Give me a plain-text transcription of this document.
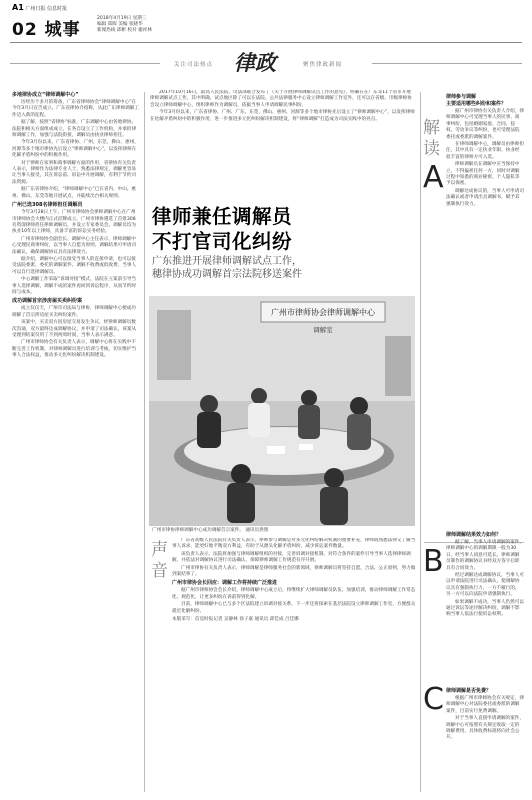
A1 广州日报 信息时报
02 城事
2018年4月19日 星期三
编辑 郑晖 美编 张晓华
新闻热线 邱彬 校对 谢祥林
关注司法热点 律政	聚焦律政新闻
多地律协成立“律师调解中心”

厉经历个多月的筹备，广东省律师协会“律师调解中心”在今年3月日宣告成立。广东省律协介绍称，从此广东律师调解工作迈入新的征程。

据了解，按照“省律协”标准，广东调解中心由各地律协、法院和相关方面组成成立，在各自设立了工作机构，并承担律师调解工作，加强与法院衔接，调解员由执业律师担任。

今年3月份以来，广东省律协、广州、东莞、佛山、惠州、河源等多个地市律协先后设立“律师调解中心”，以发挥律师在化解矛盾纠纷中的积极作用。

对于律师在家事和商事调解方面的作用，省律协有关负责人表示，律师作为法律专业人士，熟悉法律规定，调解更容易让当事人接受，其在诉讼前、诉讼中开展调解，有利于节约司法资源。

据广东省律协介绍，“律师调解中心”已在省内、中山、惠州、佛山、东莞等地开展试点，并陆续出台相关规则。

广州已选308名律师担任调解员

今年3月28日上午，广州市律师协会律师调解中心在广州市律师协会大楼内正式挂牌成立。广州市律协遴选了首批308名资深律师担任律师调解员，并设立专家委员会。调解员均为执业10年以上律师，具备丰富的诉讼实务经验。

广州市律师协会副会长、调解中心主任表示，律师调解中心受理民商事纠纷，以当事人自愿为原则，调解结果可申请司法确认，确保调解协议具有法律效力。

据介绍，调解中心可以接受当事人的直接申请，也可以接受法院委派、委托的调解案件。调解不收费或低收费，当事人可以自行选择调解员。

中心调解工作采取“诉调对接”模式，法院在立案前引导当事人选择调解，调解不成的案件再回到诉讼程序，从而节约时间与成本。

成功调解首宗涉房屋买卖纠纷案

成立仅仅天，广州市司法局与律协，律师调解中心便成功调解了首宗涉房屋买卖纠纷案件。

该案中，买卖双方因房屋交易发生争议，经律师调解员数次沟通，双方最终达成调解协议，并申请了司法确认。该案从受理到结案仅用了不到两周时间，当事人表示满意。

广州市律师协会有关负责人表示，调解中心将在实践中不断完善工作机制，对律师调解员进行培训与考核，切实维护当事人合法权益，推动多元化纠纷解决机制建设。

2017年10月16日，最高人民法院、司法部联合发布了《关于开展律师调解试点工作的意见》，明确在在广东等11个省市开展律师调解试点工作，其中明确，试点地区除了可以在法院、公共法律服务中心设立律师调解工作室外，还可以在省级、市级律师协会设立律师调解中心，组织律师作为调解员，依据当事人申请调解民事纠纷。

今年3月份以来，广东省律协、广州、广东、东莞、佛山、惠州、河源等多个地市律协先后设立了“律师调解中心”，以发挥律师在化解矛盾纠纷中的积极作用，进一步推进多元化纠纷解决机制建设，将“律师调解”打造成为司法实践中的亮点。

律师兼任调解员
不打官司化纠纷
广东推进开展律师调解试点工作，
穗律协成功调解首宗法院移送案件
广州市律师协会律师调解中心
调解室
广州市律协律师调解中心成功调解首宗案件。 通讯员供图
解读
A
律师参与调解
主要适用哪些纠纷和案件？

据广州市律协有关负责人介绍，律师调解中心可受理当事人的民事、商事纠纷，包括婚姻家庭、合同、侵权、劳动争议等纠纷，也可受理法院委托或委派的调解案件。

在律师调解中心，调解员由律师担任，其中具有一定执业年限、执业经验丰富的律师方可入选。

律师调解员在调解中应当保持中立，不得偏袒任何一方，同时对调解过程中知悉的商业秘密、个人隐私等予以保密。

调解达成协议的，当事人可申请司法确认或者申请出具调解书，赋予其强制执行效力。

B
律师调解结果效力如何？

据了解，当事人申请调解的案件，律师调解中心的调解期限一般为30日，经当事人同意可延长。律师调解员制作的调解协议书经双方签字后即具有合同效力。

经过调解达成调解协议，当事人可以申请法院进行司法确认，使调解协议具有强制执行力，一方不履行的，另一方可以向法院申请强制执行。

如果调解不成功，当事人仍然可以通过诉讼等途径解决纠纷，调解不影响当事人依法行使诉讼权利。

C 律师调解是否免费？

根据广州市律师协会有关规定，律师调解中心对法院委托或委派的调解案件，目前实行免费调解。

对于当事人直接申请调解的案件，调解中心可按照有关规定收取一定的调解费用，具体收费标准将向社会公开。

声音

广东省高级人民法院有关负责人表示，律师参与调解是对多元化纠纷解决机制的重要补充，律师既熟悉法律又了解当事人诉求，能更好地平衡双方利益，有助于从源头化解矛盾纠纷，减少诉讼案件数量。

该负责人表示，法院将加强与律师调解组织的对接，完善诉调对接机制，对符合条件的案件引导当事人选择律师调解，并依法对调解协议进行司法确认，保障律师调解工作规范有序开展。

广州市律协有关负责人表示，律师调解是律师服务社会的新领域，律师调解员将坚持自愿、合法、公正原则，努力做到案结事了。

广州市律协会长回应：调解工作将持续广泛推进

据广州市律师协会会长介绍，律师调解中心成立后，将继续扩大律师调解员队伍，加强培训，推动律师调解工作常态化、规范化，让更多纠纷在诉前得到化解。

目前，律师调解中心已与多个区法院建立诉调对接关系，下一步还将探索在基层法院设立律师调解工作室，方便群众就近化解纠纷。

本版采写：信息时报记者 吴静林 徐子嘉 通讯员 邱佳成 吕佳娜
